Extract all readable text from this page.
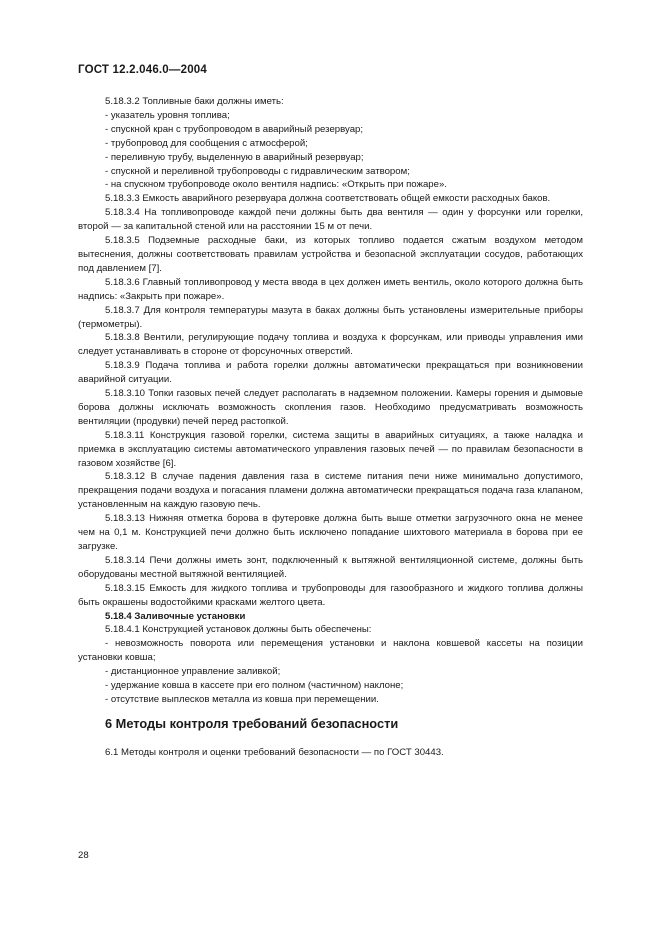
ГОСТ 12.2.046.0—2004

5.18.3.2 Топливные баки должны иметь:

- указатель уровня топлива;

- спускной кран с трубопроводом в аварийный резервуар;

- трубопровод для сообщения с атмосферой;

- переливную трубу, выделенную в аварийный резервуар;

- спускной и переливной трубопроводы с гидравлическим затвором;

- на спускном трубопроводе около вентиля надпись: «Открыть при пожаре».

5.18.3.3 Емкость аварийного резервуара должна соответствовать общей емкости расходных баков.

5.18.3.4 На топливопроводе каждой печи должны быть два вентиля — один у форсунки или горелки, второй — за капитальной стеной или на расстоянии 15 м от печи.

5.18.3.5 Подземные расходные баки, из которых топливо подается сжатым воздухом методом вытеснения, должны соответствовать правилам устройства и безопасной эксплуатации сосудов, работающих под давлением [7].

5.18.3.6 Главный топливопровод у места ввода в цех должен иметь вентиль, около которого должна быть надпись: «Закрыть при пожаре».

5.18.3.7 Для контроля температуры мазута в баках должны быть установлены измерительные приборы (термометры).

5.18.3.8 Вентили, регулирующие подачу топлива и воздуха к форсункам, или приводы управления ими следует устанавливать в стороне от форсуночных отверстий.

5.18.3.9 Подача топлива и работа горелки должны автоматически прекращаться при возникновении аварийной ситуации.

5.18.3.10 Топки газовых печей следует располагать в надземном положении. Камеры горения и дымовые борова должны исключать возможность скопления газов. Необходимо предусматривать возможность вентиляции (продувки) печей перед растопкой.

5.18.3.11 Конструкция газовой горелки, система защиты в аварийных ситуациях, а также наладка и приемка в эксплуатацию системы автоматического управления газовых печей — по правилам безопасности в газовом хозяйстве [6].

5.18.3.12 В случае падения давления газа в системе питания печи ниже минимально допустимого, прекращения подачи воздуха и погасания пламени должна автоматически прекращаться подача газа клапаном, установленным на каждую газовую печь.

5.18.3.13 Нижняя отметка борова в футеровке должна быть выше отметки загрузочного окна не менее чем на 0,1 м. Конструкцией печи должно быть исключено попадание шихтового материала в борова при ее загрузке.

5.18.3.14 Печи должны иметь зонт, подключенный к вытяжной вентиляционной системе, должны быть оборудованы местной вытяжной вентиляцией.

5.18.3.15 Емкость для жидкого топлива и трубопроводы для газообразного и жидкого топлива должны быть окрашены водостойкими красками желтого цвета.

5.18.4 Заливочные установки

5.18.4.1 Конструкцией установок должны быть обеспечены:

- невозможность поворота или перемещения установки и наклона ковшевой кассеты на позиции установки ковша;

- дистанционное управление заливкой;

- удержание ковша в кассете при его полном (частичном) наклоне;

- отсутствие выплесков металла из ковша при перемещении.

6 Методы контроля требований безопасности
6.1 Методы контроля и оценки требований безопасности — по ГОСТ 30443.
28
